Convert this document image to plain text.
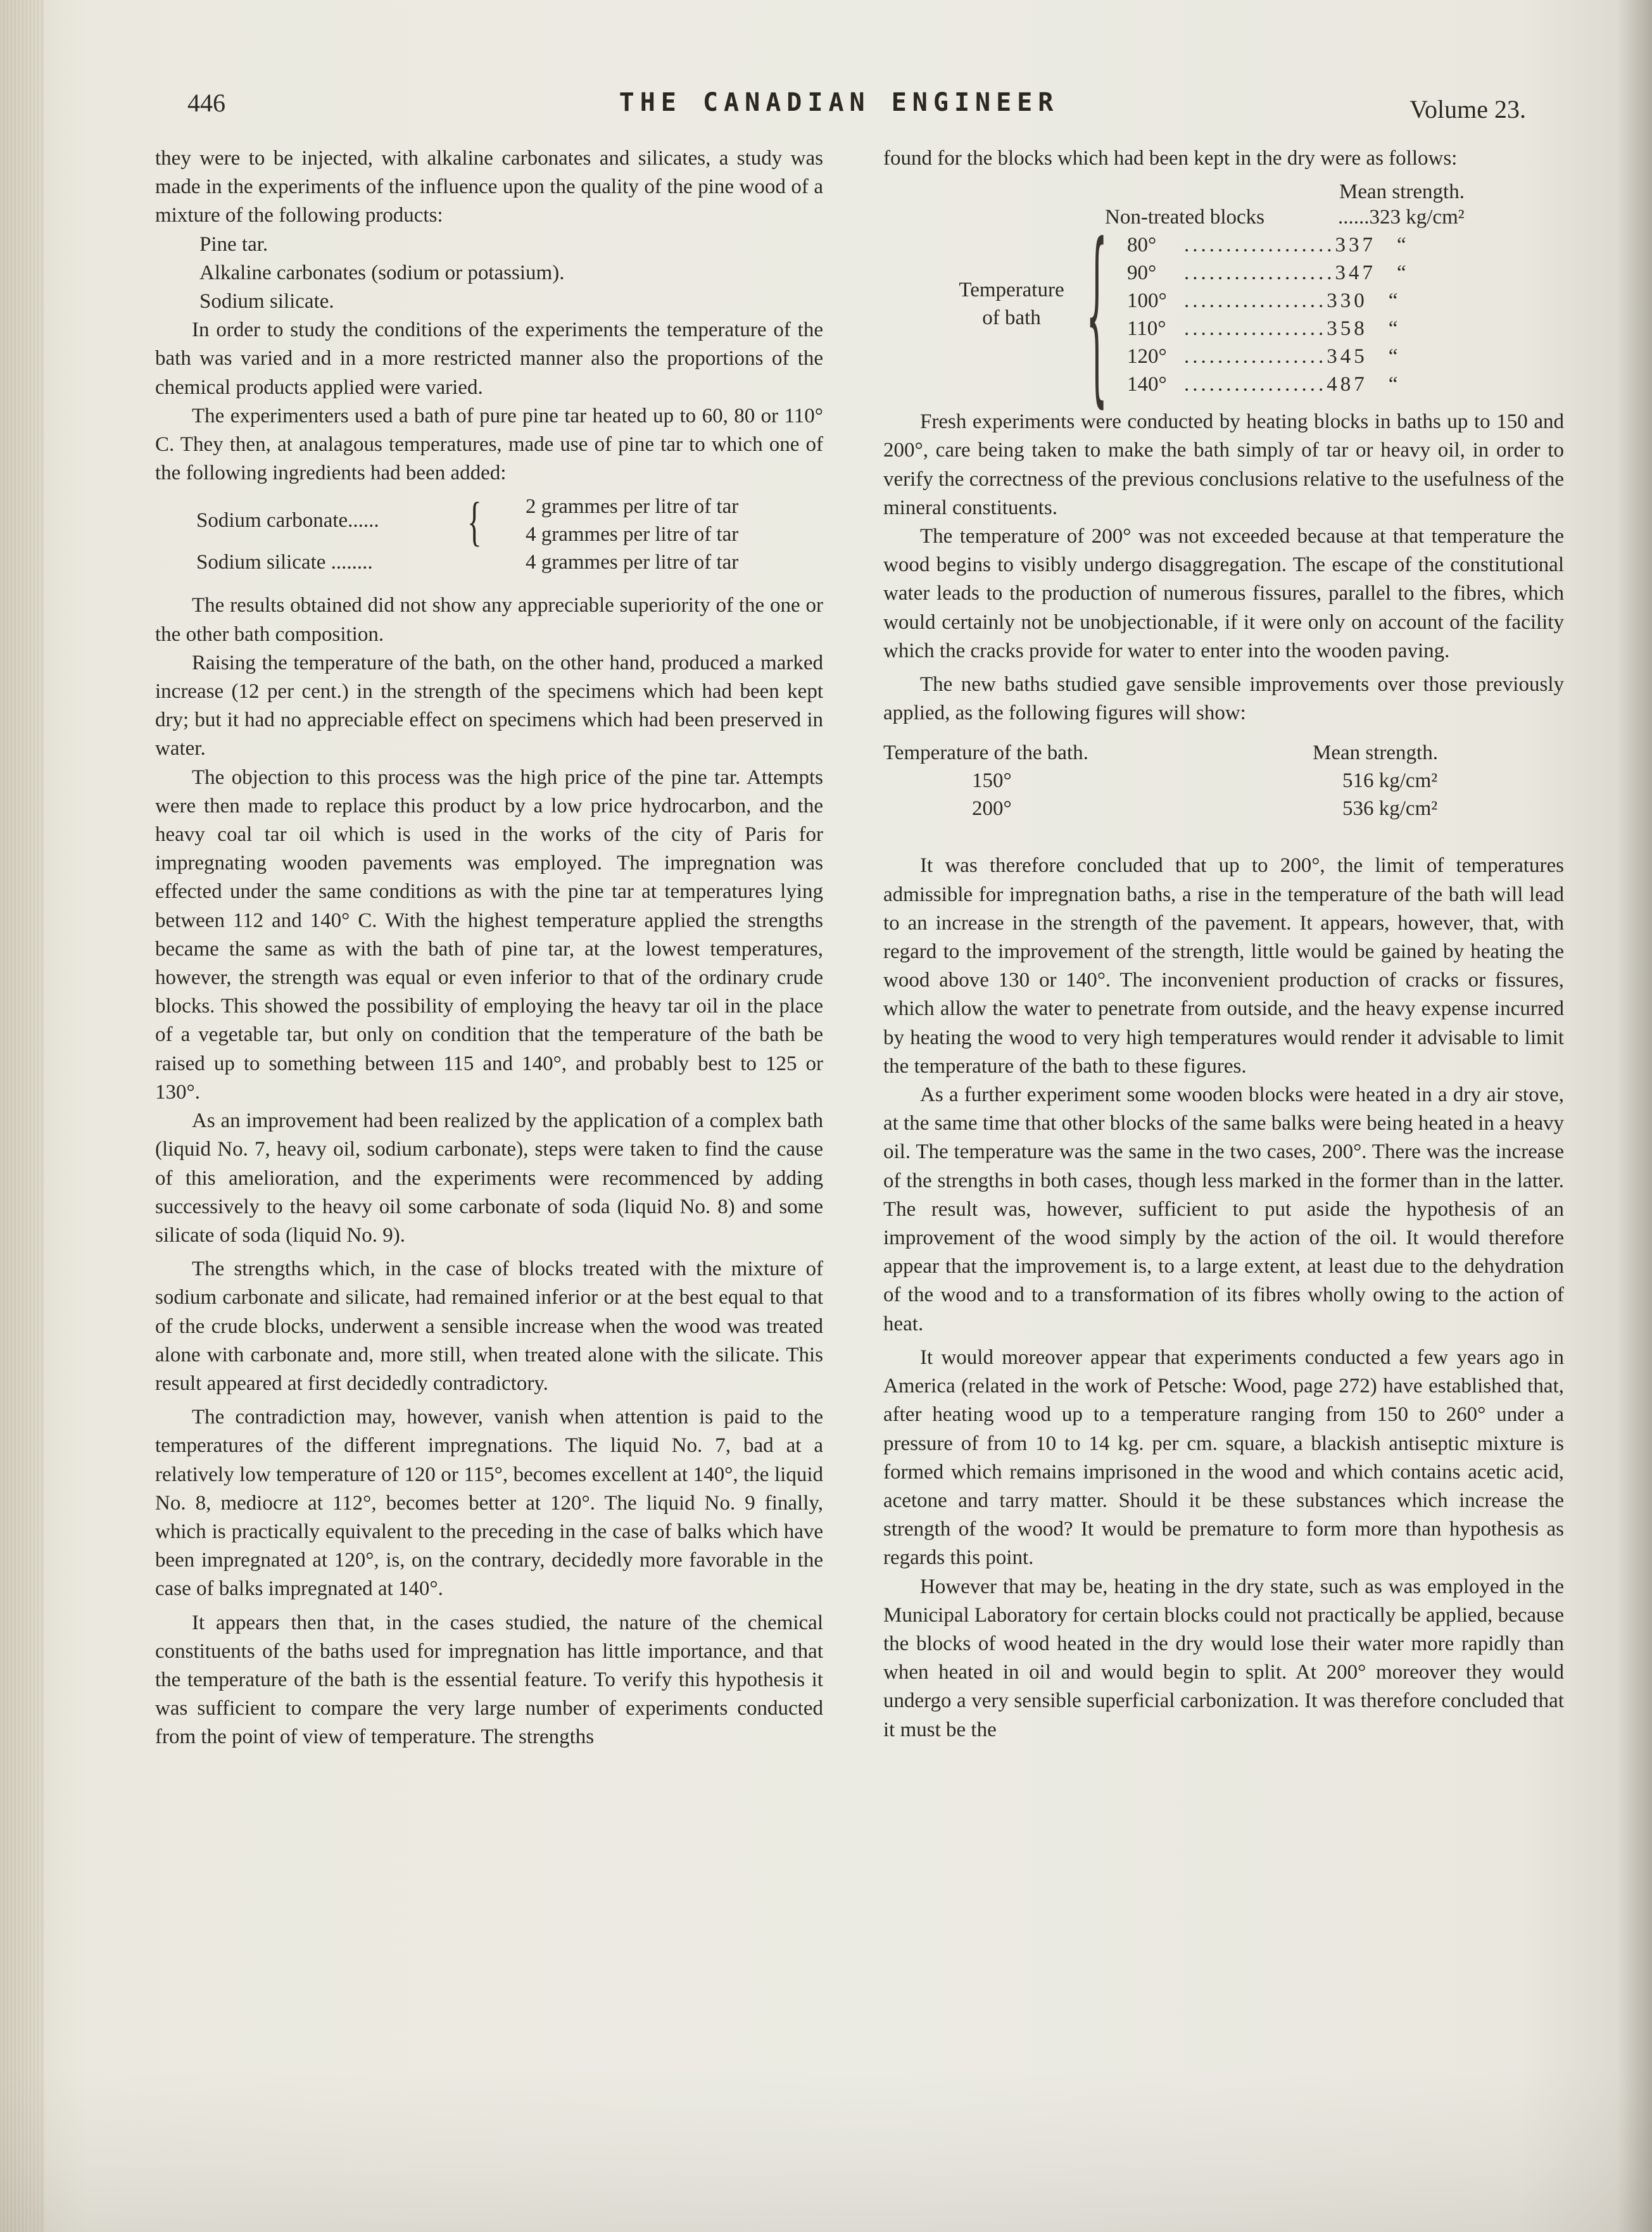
446	THE CANADIAN ENGINEER	Volume 23.

they were to be injected, with alkaline carbonates and silicates, a study was made in the experiments of the influence upon the quality of the pine wood of a mixture of the following products:

Pine tar.
Alkaline carbonates (sodium or potassium).
Sodium silicate.

In order to study the conditions of the experiments the temperature of the bath was varied and in a more restricted manner also the proportions of the chemical products applied were varied.

The experimenters used a bath of pure pine tar heated up to 60, 80 or 110° C. They then, at analagous temperatures, made use of pine tar to which one of the following ingredients had been added:

Sodium carbonate...... { 2 grammes per litre of tar
4 grammes per litre of tar
Sodium silicate ........	4 grammes per litre of tar

The results obtained did not show any appreciable superiority of the one or the other bath composition.

Raising the temperature of the bath, on the other hand, produced a marked increase (12 per cent.) in the strength of the specimens which had been kept dry; but it had no appreciable effect on specimens which had been preserved in water.

The objection to this process was the high price of the pine tar. Attempts were then made to replace this product by a low price hydrocarbon, and the heavy coal tar oil which is used in the works of the city of Paris for impregnating wooden pavements was employed. The impregnation was effected under the same conditions as with the pine tar at temperatures lying between 112 and 140° C. With the highest temperature applied the strengths became the same as with the bath of pine tar, at the lowest temperatures, however, the strength was equal or even inferior to that of the ordinary crude blocks. This showed the possibility of employing the heavy tar oil in the place of a vegetable tar, but only on condition that the temperature of the bath be raised up to something between 115 and 140°, and probably best to 125 or 130°.

As an improvement had been realized by the application of a complex bath (liquid No. 7, heavy oil, sodium carbonate), steps were taken to find the cause of this amelioration, and the experiments were recommenced by adding successively to the heavy oil some carbonate of soda (liquid No. 8) and some silicate of soda (liquid No. 9).

The strengths which, in the case of blocks treated with the mixture of sodium carbonate and silicate, had remained inferior or at the best equal to that of the crude blocks, underwent a sensible increase when the wood was treated alone with carbonate and, more still, when treated alone with the silicate. This result appeared at first decidedly contradictory.

The contradiction may, however, vanish when attention is paid to the temperatures of the different impregnations. The liquid No. 7, bad at a relatively low temperature of 120 or 115°, becomes excellent at 140°, the liquid No. 8, mediocre at 112°, becomes better at 120°. The liquid No. 9 finally, which is practically equivalent to the preceding in the case of balks which have been impregnated at 120°, is, on the contrary, decidedly more favorable in the case of balks impregnated at 140°.

It appears then that, in the cases studied, the nature of the chemical constituents of the baths used for impregnation has little importance, and that the temperature of the bath is the essential feature. To verify this hypothesis it was sufficient to compare the very large number of experiments conducted from the point of view of temperature. The strengths

found for the blocks which had been kept in the dry were as follows:

Mean strength.
Non-treated blocks	......323 kg/cm²
Temperature
of bath { 80° ..................337 “
90° ..................347 “
100° .................330 “
110° .................358 “
120° .................345 “
140° .................487 “

Fresh experiments were conducted by heating blocks in baths up to 150 and 200°, care being taken to make the bath simply of tar or heavy oil, in order to verify the correctness of the previous conclusions relative to the usefulness of the mineral constituents.

The temperature of 200° was not exceeded because at that temperature the wood begins to visibly undergo disaggregation. The escape of the constitutional water leads to the production of numerous fissures, parallel to the fibres, which would certainly not be unobjectionable, if it were only on account of the facility which the cracks provide for water to enter into the wooden paving.

The new baths studied gave sensible improvements over those previously applied, as the following figures will show:

Temperature of the bath.	Mean strength.
150°	516 kg/cm²
200°	536 kg/cm²

It was therefore concluded that up to 200°, the limit of temperatures admissible for impregnation baths, a rise in the temperature of the bath will lead to an increase in the strength of the pavement. It appears, however, that, with regard to the improvement of the strength, little would be gained by heating the wood above 130 or 140°. The inconvenient production of cracks or fissures, which allow the water to penetrate from outside, and the heavy expense incurred by heating the wood to very high temperatures would render it advisable to limit the temperature of the bath to these figures.

As a further experiment some wooden blocks were heated in a dry air stove, at the same time that other blocks of the same balks were being heated in a heavy oil. The temperature was the same in the two cases, 200°. There was the increase of the strengths in both cases, though less marked in the former than in the latter. The result was, however, sufficient to put aside the hypothesis of an improvement of the wood simply by the action of the oil. It would therefore appear that the improvement is, to a large extent, at least due to the dehydration of the wood and to a transformation of its fibres wholly owing to the action of heat.

It would moreover appear that experiments conducted a few years ago in America (related in the work of Petsche: Wood, page 272) have established that, after heating wood up to a temperature ranging from 150 to 260° under a pressure of from 10 to 14 kg. per cm. square, a blackish antiseptic mixture is formed which remains imprisoned in the wood and which contains acetic acid, acetone and tarry matter. Should it be these substances which increase the strength of the wood? It would be premature to form more than hypothesis as regards this point.

However that may be, heating in the dry state, such as was employed in the Municipal Laboratory for certain blocks could not practically be applied, because the blocks of wood heated in the dry would lose their water more rapidly than when heated in oil and would begin to split. At 200° moreover they would undergo a very sensible superficial carbonization. It was therefore concluded that it must be the
